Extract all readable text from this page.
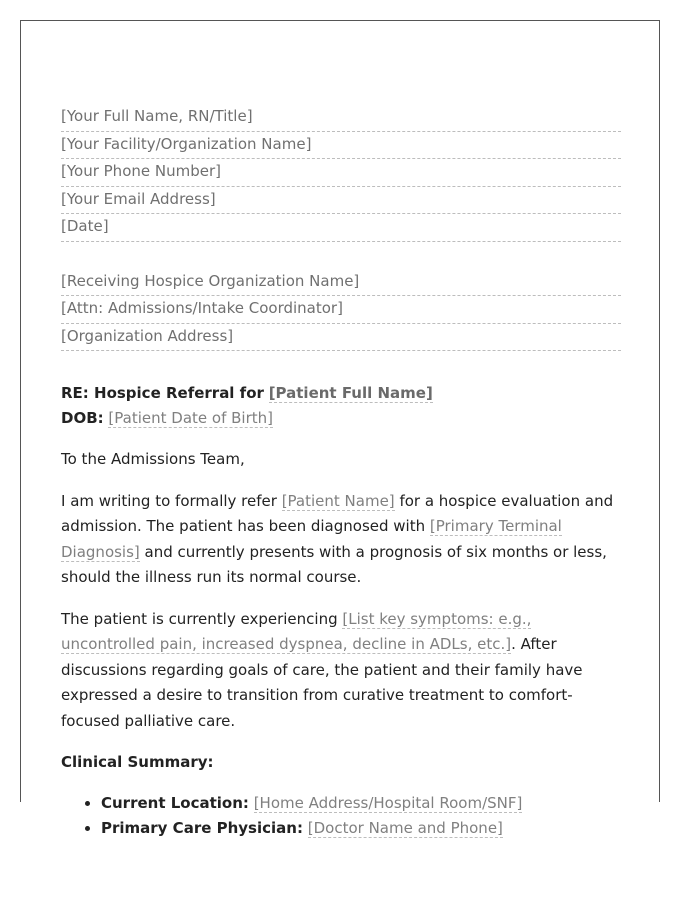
[Your Full Name, RN/Title]
[Your Facility/Organization Name]
[Your Phone Number]
[Your Email Address]
[Date]
[Receiving Hospice Organization Name]
[Attn: Admissions/Intake Coordinator]
[Organization Address]
RE: Hospice Referral for [Patient Full Name]
DOB: [Patient Date of Birth]

To the Admissions Team,

I am writing to formally refer [Patient Name] for a hospice evaluation and admission. The patient has been diagnosed with [Primary Terminal Diagnosis] and currently presents with a prognosis of six months or less, should the illness run its normal course.

The patient is currently experiencing [List key symptoms: e.g., uncontrolled pain, increased dyspnea, decline in ADLs, etc.]. After discussions regarding goals of care, the patient and their family have expressed a desire to transition from curative treatment to comfort-focused palliative care.

Clinical Summary:
• Current Location: [Home Address/Hospital Room/SNF]
• Primary Care Physician: [Doctor Name and Phone]
